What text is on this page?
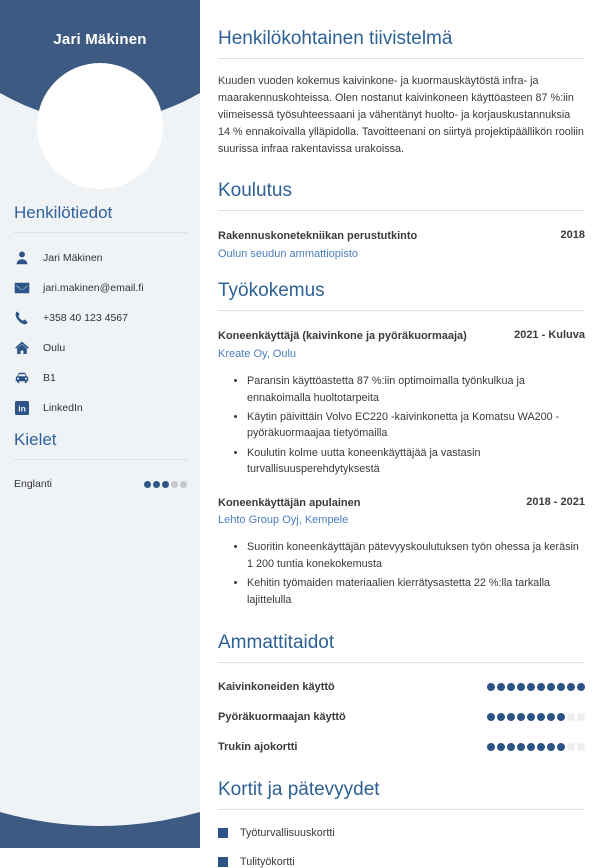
Jari Mäkinen
Henkilötiedot
Jari Mäkinen
jari.makinen@email.fi
+358 40 123 4567
Oulu
B1
in LinkedIn
Kielet
Englanti
Henkilökohtainen tiivistelmä

Kuuden vuoden kokemus kaivinkone- ja kuormauskäytöstä infra- ja maarakennuskohteissa. Olen nostanut kaivinkoneen käyttöasteen 87 %:iin viimeisessä työsuhteessaani ja vähentänyt huolto- ja korjauskustannuksia 14 % ennakoivalla ylläpidolla. Tavoitteenani on siirtyä projektipäällikön rooliin suurissa infraa rakentavissa urakoissa.

Koulutus
Rakennuskonetekniikan perustutkinto	2018
Oulun seudun ammattiopisto
Työkokemus
Koneenkäyttäjä (kaivinkone ja pyöräkuormaaja)	2021 - Kuluva
Kreate Oy, Oulu
• Paransin käyttöastetta 87 %:iin optimoimalla työnkulkua ja ennakoimalla huoltotarpeita
• Käytin päivittäin Volvo EC220 -kaivinkonetta ja Komatsu WA200 -pyöräkuormaajaa tietyömailla
• Koulutin kolme uutta koneenkäyttäjää ja vastasin turvallisuusperehdytyksestä
Koneenkäyttäjän apulainen	2018 - 2021
Lehto Group Oyj, Kempele
• Suoritin koneenkäyttäjän pätevyyskoulutuksen työn ohessa ja keräsin 1 200 tuntia konekokemusta
• Kehitin työmaiden materiaalien kierrätysastetta 22 %:lla tarkalla lajittelulla
Ammattitaidot
Kaivinkoneiden käyttö
Pyöräkuormaajan käyttö
Trukin ajokortti
Kortit ja pätevyydet
Työturvallisuuskortti
Tulityökortti
